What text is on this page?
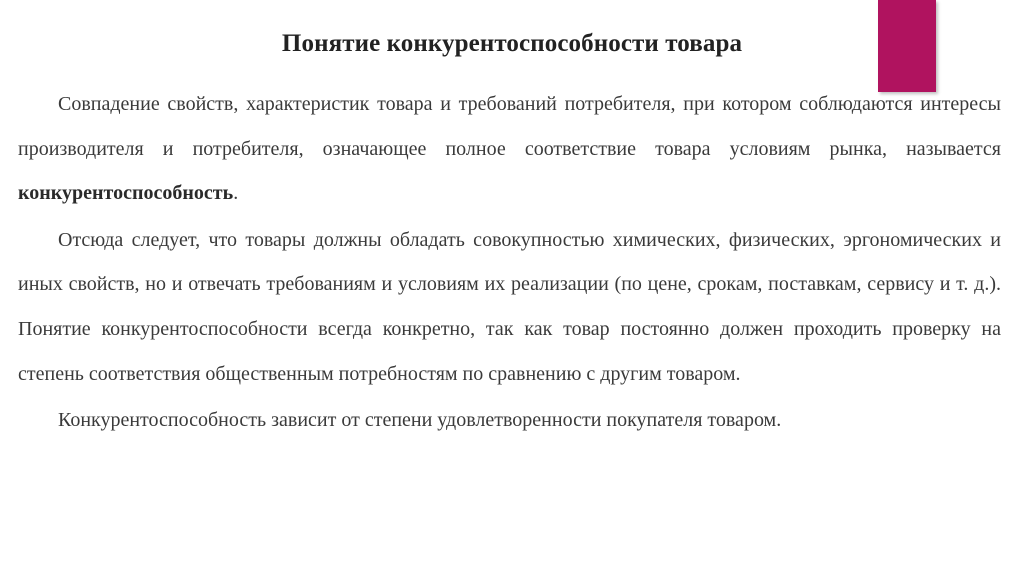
Понятие конкурентоспособности товара

Совпадение свойств, характеристик товара и требований потребителя, при котором соблюдаются интересы производителя и потребителя, означающее полное соответствие товара условиям рынка, называется конкурентоспособность.

Отсюда следует, что товары должны обладать совокупностью химических, физических, эргономических и иных свойств, но и отвечать требованиям и условиям их реализации (по цене, срокам, поставкам, сервису и т. д.). Понятие конкурентоспособности всегда конкретно, так как товар постоянно должен проходить проверку на степень соответствия общественным потребностям по сравнению с другим товаром.

Конкурентоспособность зависит от степени удовлетворенности покупателя товаром.
